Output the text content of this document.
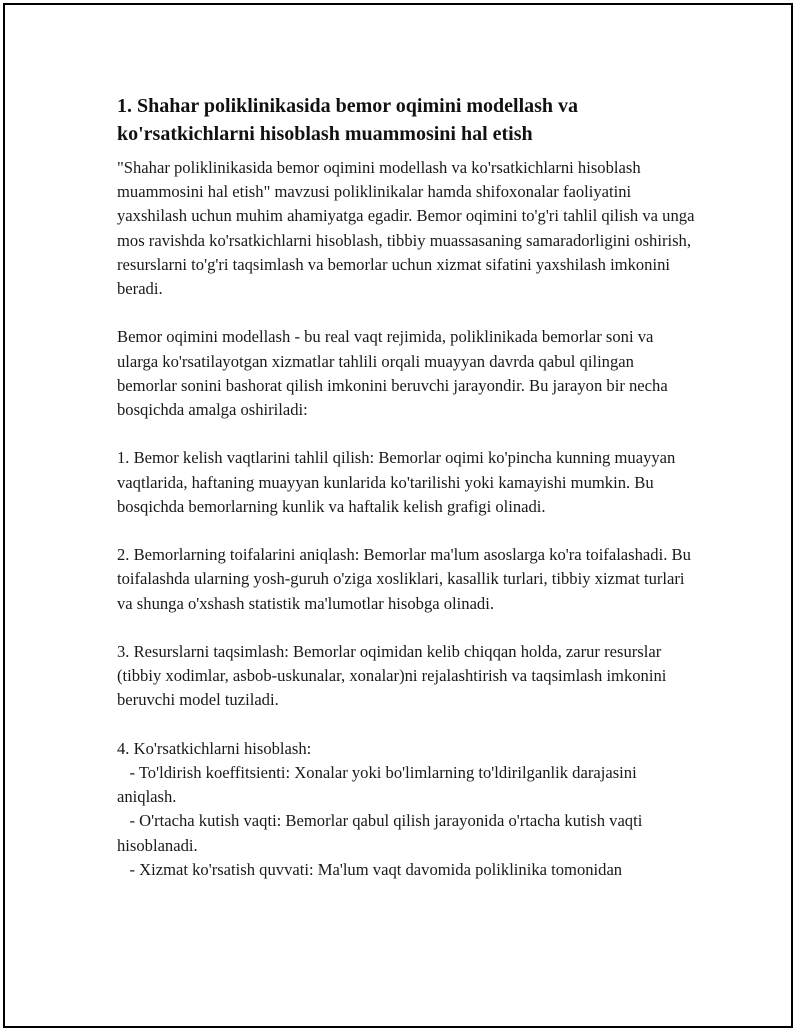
1. Shahar poliklinikasida bemor oqimini modellash va ko'rsatkichlarni hisoblash muammosini hal etish

"Shahar poliklinikasida bemor oqimini modellash va ko'rsatkichlarni hisoblash muammosini hal etish" mavzusi poliklinikalar hamda shifoxonalar faoliyatini yaxshilash uchun muhim ahamiyatga egadir. Bemor oqimini to'g'ri tahlil qilish va unga mos ravishda ko'rsatkichlarni hisoblash, tibbiy muassasaning samaradorligini oshirish, resurslarni to'g'ri taqsimlash va bemorlar uchun xizmat sifatini yaxshilash imkonini beradi.

Bemor oqimini modellash - bu real vaqt rejimida, poliklinikada bemorlar soni va ularga ko'rsatilayotgan xizmatlar tahlili orqali muayyan davrda qabul qilingan bemorlar sonini bashorat qilish imkonini beruvchi jarayondir. Bu jarayon bir necha bosqichda amalga oshiriladi:

1. Bemor kelish vaqtlarini tahlil qilish: Bemorlar oqimi ko'pincha kunning muayyan vaqtlarida, haftaning muayyan kunlarida ko'tarilishi yoki kamayishi mumkin. Bu bosqichda bemorlarning kunlik va haftalik kelish grafigi olinadi.

2. Bemorlarning toifalarini aniqlash: Bemorlar ma'lum asoslarga ko'ra toifalashadi. Bu toifalashda ularning yosh-guruh o'ziga xosliklari, kasallik turlari, tibbiy xizmat turlari va shunga o'xshash statistik ma'lumotlar hisobga olinadi.

3. Resurslarni taqsimlash: Bemorlar oqimidan kelib chiqqan holda, zarur resurslar (tibbiy xodimlar, asbob-uskunalar, xonalar)ni rejalashtirish va taqsimlash imkonini beruvchi model tuziladi.

4. Ko'rsatkichlarni hisoblash:
- To'ldirish koeffitsienti: Xonalar yoki bo'limlarning to'ldirilganlik darajasini aniqlash.
- O'rtacha kutish vaqti: Bemorlar qabul qilish jarayonida o'rtacha kutish vaqti hisoblanadi.
- Xizmat ko'rsatish quvvati: Ma'lum vaqt davomida poliklinika tomonidan
